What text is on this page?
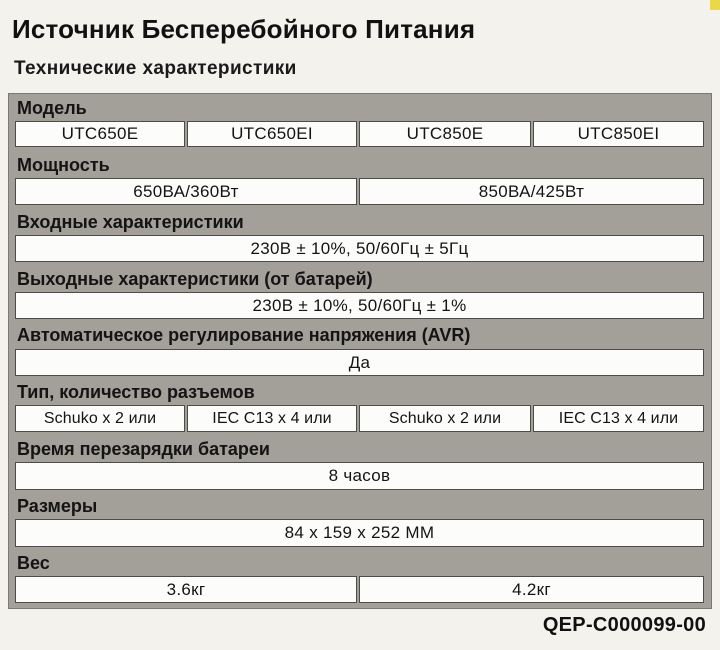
Источник Бесперебойного Питания
Технические характеристики
Модель
UTC650E	UTC650EI	UTC850E	UTC850EI
Мощность
650ВА/360Вт	850ВА/425Вт
Входные характеристики
230В ± 10%, 50/60Гц ± 5Гц
Выходные характеристики (от батарей)
230В ± 10%, 50/60Гц ± 1%
Автоматическое регулирование напряжения (AVR)
Да
Тип, количество разъемов
Schuko x 2 или	IEC C13 x 4 или	Schuko x 2 или	IEC C13 x 4 или
Время перезарядки батареи
8 часов
Размеры
84 x 159 x 252 ММ
Вес
3.6кг	4.2кг
QEP-C000099-00
